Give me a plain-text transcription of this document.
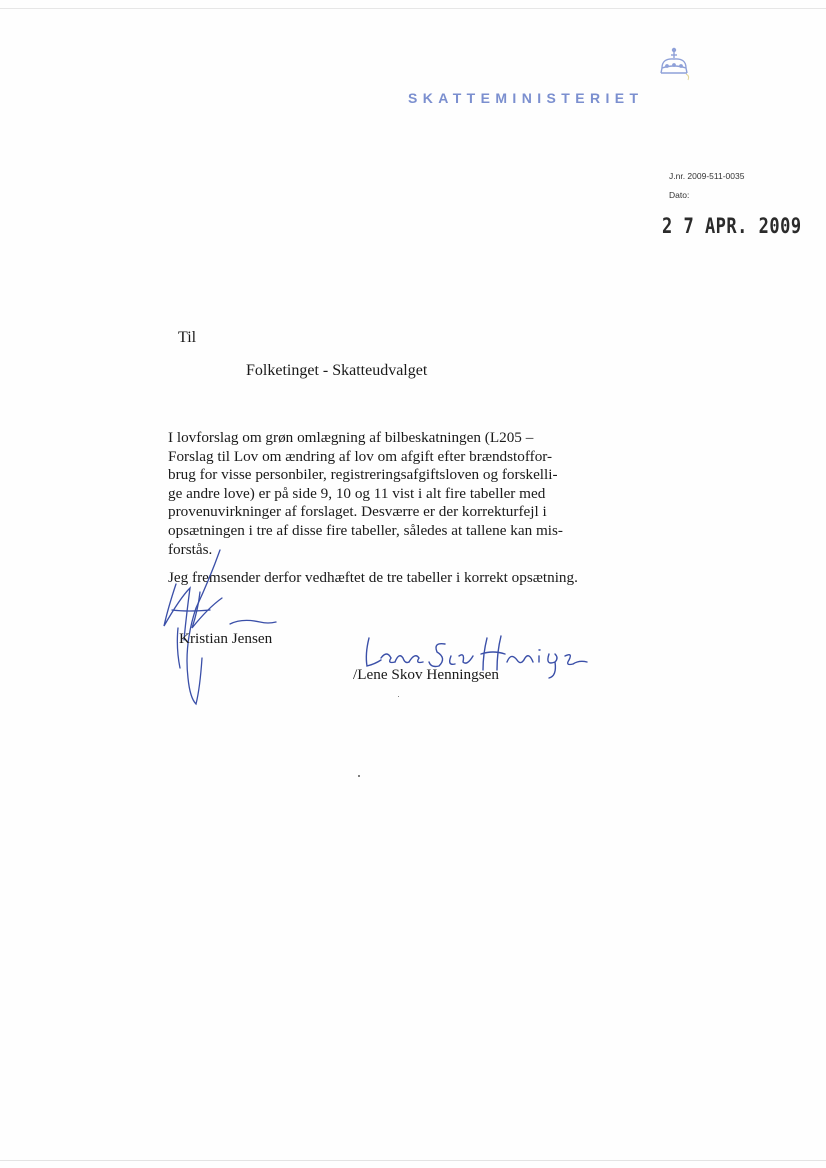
SKATTEMINISTERIET
J.nr. 2009-511-0035
Dato:
2 7 APR. 2009
Til
Folketinget - Skatteudvalget
I lovforslag om grøn omlægning af bilbeskatningen (L205 –
Forslag til Lov om ændring af lov om afgift efter brændstoffor-
brug for visse personbiler, registreringsafgiftsloven og forskelli-
ge andre love) er på side 9, 10 og 11 vist i alt fire tabeller med
provenuvirkninger af forslaget. Desværre er der korrekturfejl i
opsætningen i tre af disse fire tabeller, således at tallene kan mis-
forstås.
Jeg fremsender derfor vedhæftet de tre tabeller i korrekt opsætning.
Kristian Jensen
/Lene Skov Henningsen
